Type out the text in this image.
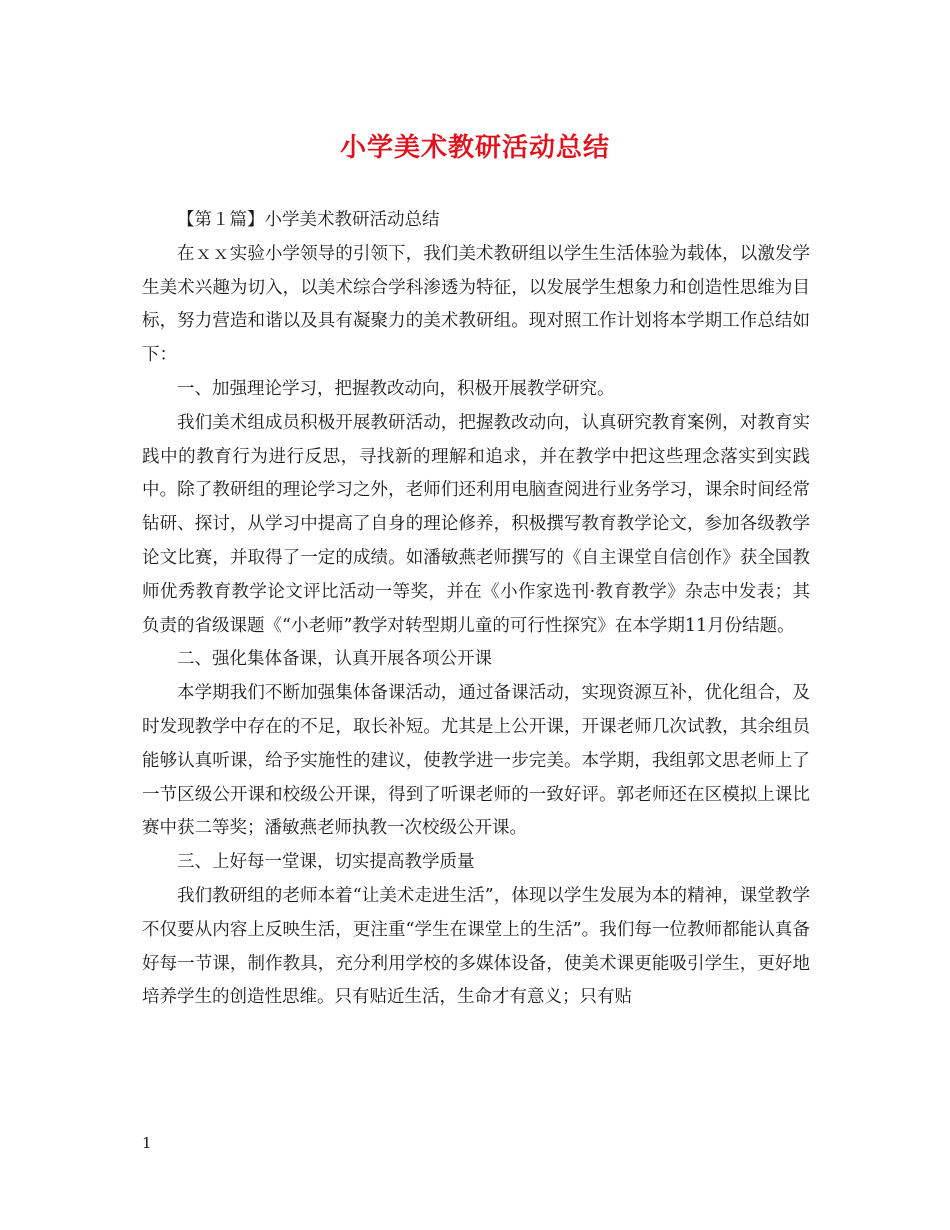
小学美术教研活动总结

【第１篇】小学美术教研活动总结

在ｘｘ实验小学领导的引领下，我们美术教研组以学生生活体验为载体，以激发学生美术兴趣为切入，以美术综合学科渗透为特征，以发展学生想象力和创造性思维为目标，努力营造和谐以及具有凝聚力的美术教研组。现对照工作计划将本学期工作总结如下：

一、加强理论学习，把握教改动向，积极开展教学研究。

我们美术组成员积极开展教研活动，把握教改动向，认真研究教育案例，对教育实践中的教育行为进行反思，寻找新的理解和追求，并在教学中把这些理念落实到实践中。除了教研组的理论学习之外，老师们还利用电脑查阅进行业务学习，课余时间经常钻研、探讨，从学习中提高了自身的理论修养，积极撰写教育教学论文，参加各级教学论文比赛，并取得了一定的成绩。如潘敏燕老师撰写的《自主课堂自信创作》获全国教师优秀教育教学论文评比活动一等奖，并在《小作家选刊·教育教学》杂志中发表；其负责的省级课题《“小老师”教学对转型期儿童的可行性探究》在本学期11月份结题。

二、强化集体备课，认真开展各项公开课

本学期我们不断加强集体备课活动，通过备课活动，实现资源互补，优化组合，及时发现教学中存在的不足，取长补短。尤其是上公开课，开课老师几次试教，其余组员能够认真听课，给予实施性的建议，使教学进一步完美。本学期，我组郭文思老师上了一节区级公开课和校级公开课，得到了听课老师的一致好评。郭老师还在区模拟上课比赛中获二等奖；潘敏燕老师执教一次校级公开课。

三、上好每一堂课，切实提高教学质量

我们教研组的老师本着“让美术走进生活”，体现以学生发展为本的精神，课堂教学不仅要从内容上反映生活，更注重“学生在课堂上的生活”。我们每一位教师都能认真备好每一节课，制作教具，充分利用学校的多媒体设备，使美术课更能吸引学生，更好地培养学生的创造性思维。只有贴近生活，生命才有意义；只有贴

1
